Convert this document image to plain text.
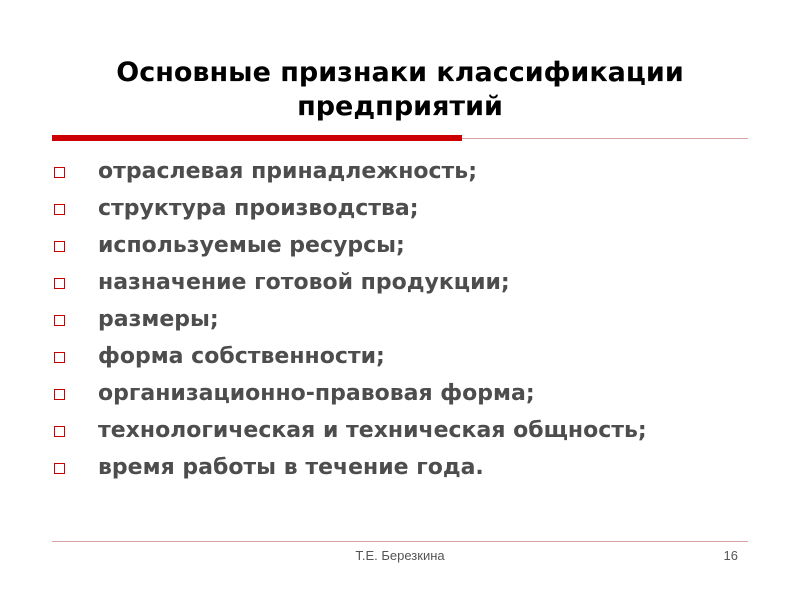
Основные признаки классификации
предприятий
отраслевая принадлежность;
структура производства;
используемые ресурсы;
назначение готовой продукции;
размеры;
форма собственности;
организационно-правовая форма;
технологическая и техническая общность;
время работы в течение года.
Т.Е. Березкина	16
